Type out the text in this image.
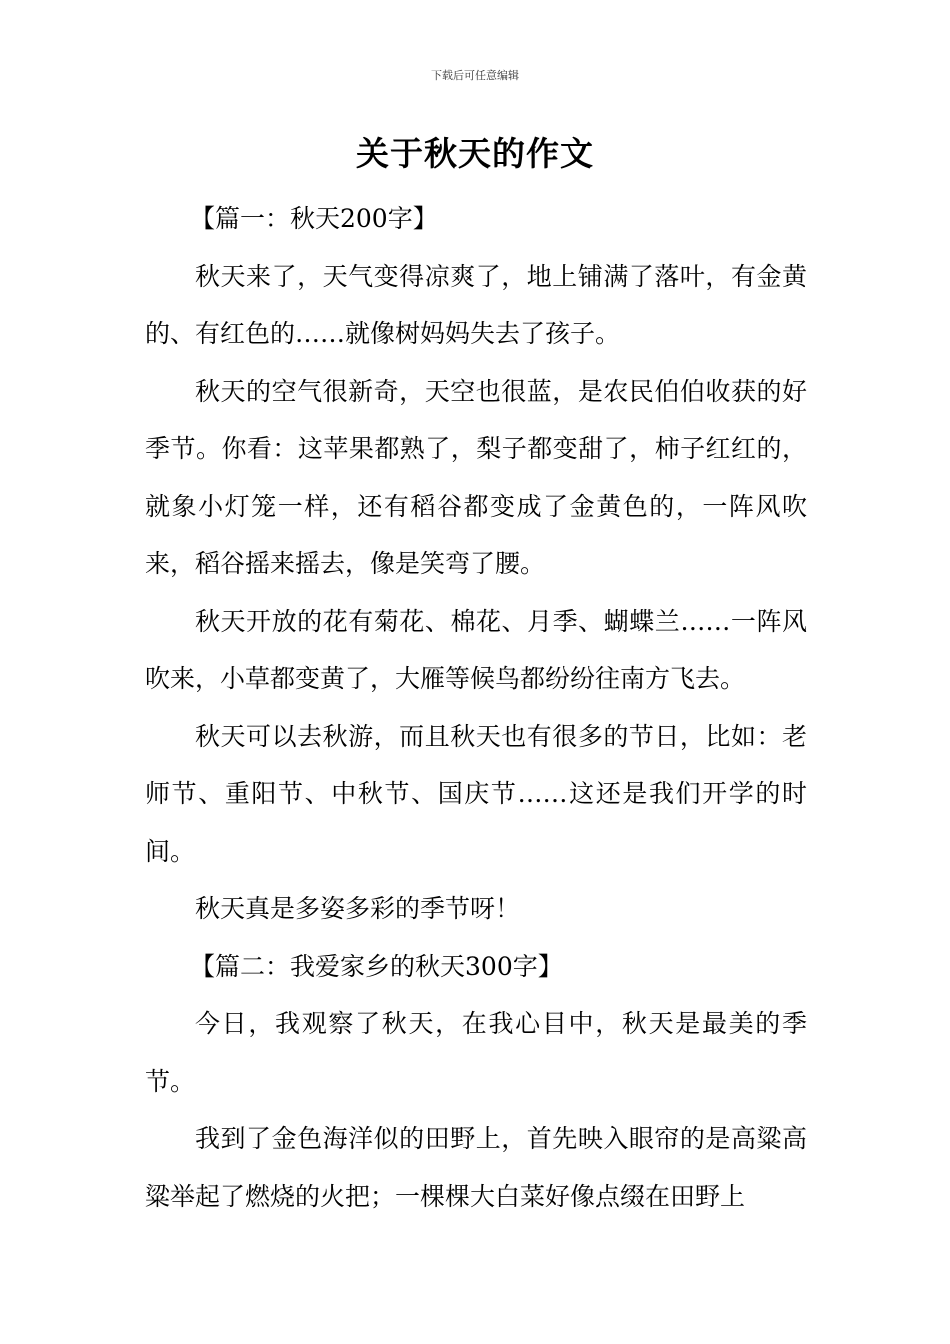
下载后可任意编辑
关于秋天的作文

【篇一：秋天200字】

秋天来了，天气变得凉爽了，地上铺满了落叶，有金黄的、有红色的……就像树妈妈失去了孩子。

秋天的空气很新奇，天空也很蓝，是农民伯伯收获的好季节。你看：这苹果都熟了，梨子都变甜了，柿子红红的，就象小灯笼一样，还有稻谷都变成了金黄色的，一阵风吹来，稻谷摇来摇去，像是笑弯了腰。

秋天开放的花有菊花、棉花、月季、蝴蝶兰……一阵风吹来，小草都变黄了，大雁等候鸟都纷纷往南方飞去。

秋天可以去秋游，而且秋天也有很多的节日，比如：老师节、重阳节、中秋节、国庆节……这还是我们开学的时间。

秋天真是多姿多彩的季节呀！

【篇二：我爱家乡的秋天300字】

今日，我观察了秋天，在我心目中，秋天是最美的季节。

我到了金色海洋似的田野上，首先映入眼帘的是高粱高粱举起了燃烧的火把；一棵棵大白菜好像点缀在田野上
